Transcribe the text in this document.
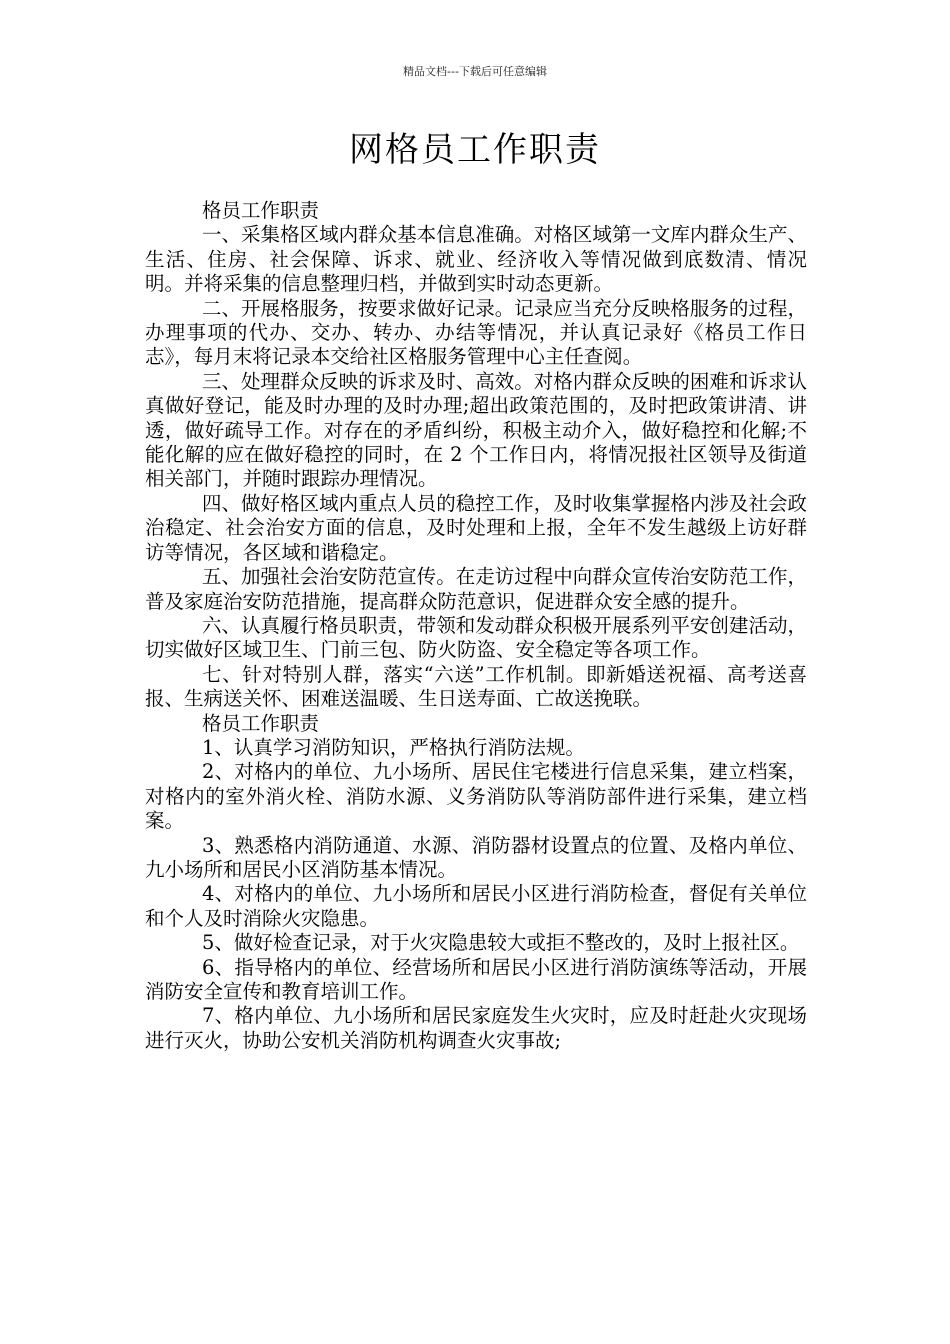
精品文档---下载后可任意编辑
网格员工作职责

格员工作职责

一、采集格区域内群众基本信息准确。对格区域第一文库内群众生产、生活、住房、社会保障、诉求、就业、经济收入等情况做到底数清、情况明。并将采集的信息整理归档，并做到实时动态更新。

二、开展格服务，按要求做好记录。记录应当充分反映格服务的过程，办理事项的代办、交办、转办、办结等情况，并认真记录好《格员工作日志》，每月末将记录本交给社区格服务管理中心主任查阅。

三、处理群众反映的诉求及时、高效。对格内群众反映的困难和诉求认真做好登记，能及时办理的及时办理;超出政策范围的，及时把政策讲清、讲透，做好疏导工作。对存在的矛盾纠纷，积极主动介入，做好稳控和化解;不能化解的应在做好稳控的同时，在 2 个工作日内，将情况报社区领导及街道相关部门，并随时跟踪办理情况。

四、做好格区域内重点人员的稳控工作，及时收集掌握格内涉及社会政治稳定、社会治安方面的信息，及时处理和上报，全年不发生越级上访好群访等情况，各区域和谐稳定。

五、加强社会治安防范宣传。在走访过程中向群众宣传治安防范工作，普及家庭治安防范措施，提高群众防范意识，促进群众安全感的提升。

六、认真履行格员职责，带领和发动群众积极开展系列平安创建活动，切实做好区域卫生、门前三包、防火防盗、安全稳定等各项工作。

七、针对特别人群，落实“六送”工作机制。即新婚送祝福、高考送喜报、生病送关怀、困难送温暖、生日送寿面、亡故送挽联。

格员工作职责

1、认真学习消防知识，严格执行消防法规。

2、对格内的单位、九小场所、居民住宅楼进行信息采集，建立档案，对格内的室外消火栓、消防水源、义务消防队等消防部件进行采集，建立档案。

3、熟悉格内消防通道、水源、消防器材设置点的位置、及格内单位、九小场所和居民小区消防基本情况。

4、对格内的单位、九小场所和居民小区进行消防检查，督促有关单位和个人及时消除火灾隐患。

5、做好检查记录，对于火灾隐患较大或拒不整改的，及时上报社区。

6、指导格内的单位、经营场所和居民小区进行消防演练等活动，开展消防安全宣传和教育培训工作。

7、格内单位、九小场所和居民家庭发生火灾时，应及时赶赴火灾现场进行灭火，协助公安机关消防机构调查火灾事故;
